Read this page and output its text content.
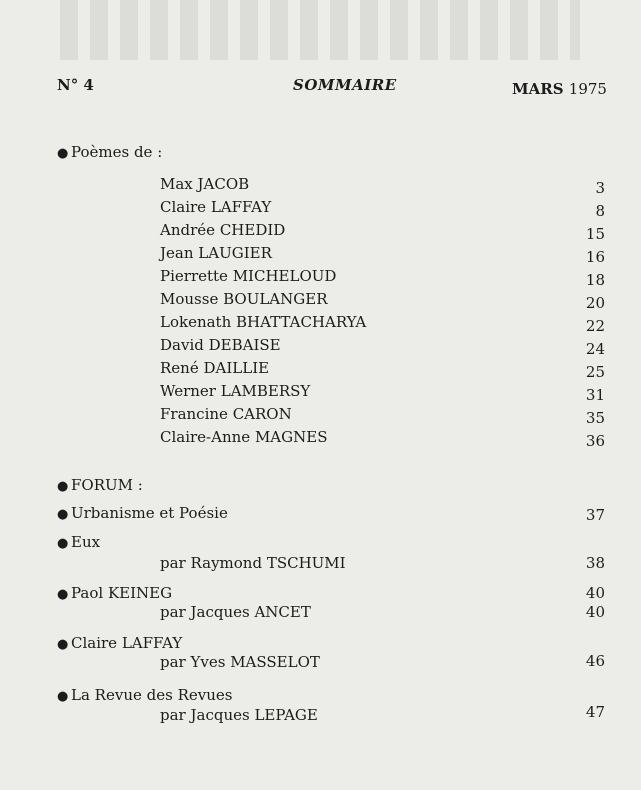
N° 4	SOMMAIRE	MARS 1975
● Poèmes de :
Max JACOB	3
Claire LAFFAY	8
Andrée CHEDID	15
Jean LAUGIER	16
Pierrette MICHELOUD	18
Mousse BOULANGER	20
Lokenath BHATTACHARYA	22
David DEBAISE	24
René DAILLIE	25
Werner LAMBERSY	31
Francine CARON	35
Claire-Anne MAGNES	36
● FORUM :
● Urbanisme et Poésie	37
● Eux
par Raymond TSCHUMI	38
● Paol KEINEG	40
par Jacques ANCET	40
● Claire LAFFAY
par Yves MASSELOT	46
● La Revue des Revues
par Jacques LEPAGE	47
